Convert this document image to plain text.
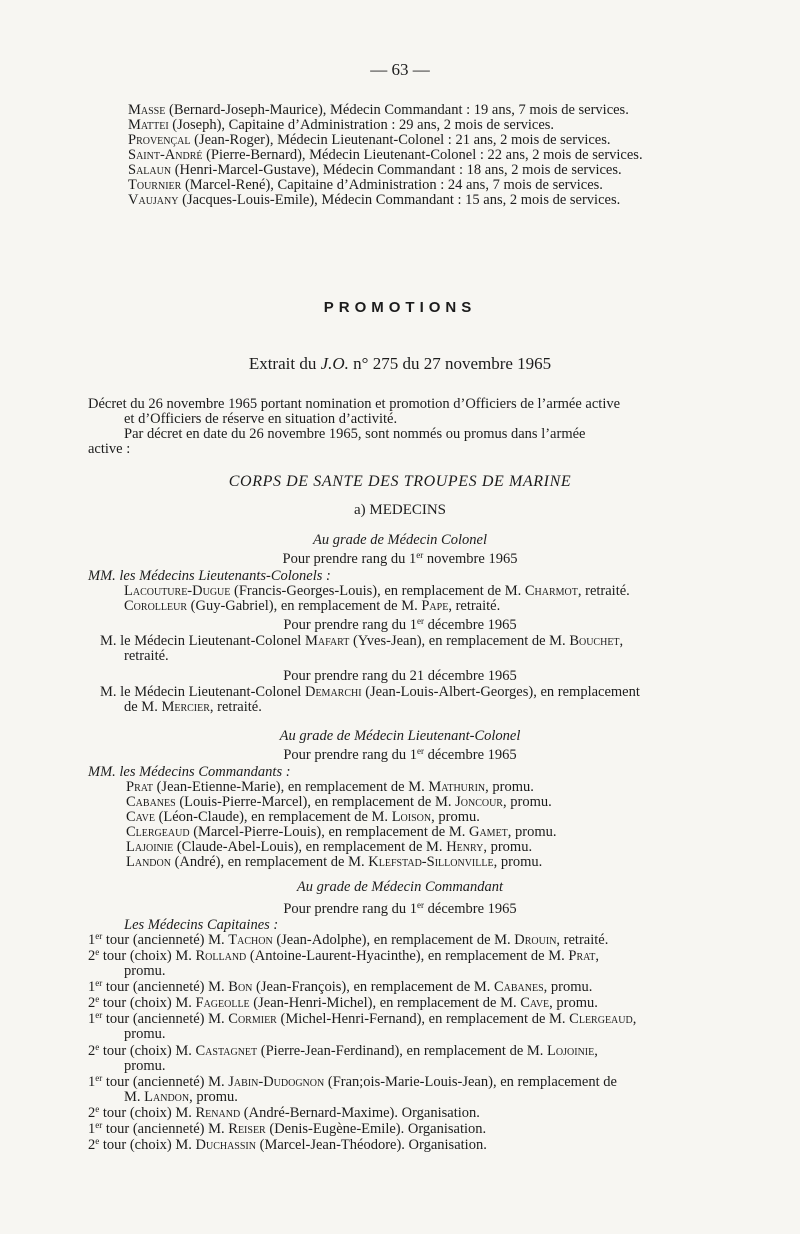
— 63 —
Masse (Bernard-Joseph-Maurice), Médecin Commandant : 19 ans, 7 mois de services.
Mattei (Joseph), Capitaine d’Administration : 29 ans, 2 mois de services.
Provençal (Jean-Roger), Médecin Lieutenant-Colonel : 21 ans, 2 mois de services.
Saint-André (Pierre-Bernard), Médecin Lieutenant-Colonel : 22 ans, 2 mois de services.
Salaun (Henri-Marcel-Gustave), Médecin Commandant : 18 ans, 2 mois de services.
Tournier (Marcel-René), Capitaine d’Administration : 24 ans, 7 mois de services.
Vaujany (Jacques-Louis-Emile), Médecin Commandant : 15 ans, 2 mois de services.
PROMOTIONS
Extrait du J.O. n° 275 du 27 novembre 1965
Décret du 26 novembre 1965 portant nomination et promotion d’Officiers de l’armée active
et d’Officiers de réserve en situation d’activité.
Par décret en date du 26 novembre 1965, sont nommés ou promus dans l’armée
active :
CORPS DE SANTE DES TROUPES DE MARINE
a) MEDECINS
Au grade de Médecin Colonel
Pour prendre rang du 1er novembre 1965
MM. les Médecins Lieutenants-Colonels :
Lacouture-Dugue (Francis-Georges-Louis), en remplacement de M. Charmot, retraité.
Corolleur (Guy-Gabriel), en remplacement de M. Pape, retraité.
Pour prendre rang du 1er décembre 1965
M. le Médecin Lieutenant-Colonel Mafart (Yves-Jean), en remplacement de M. Bouchet,
retraité.
Pour prendre rang du 21 décembre 1965
M. le Médecin Lieutenant-Colonel Demarchi (Jean-Louis-Albert-Georges), en remplacement
de M. Mercier, retraité.
Au grade de Médecin Lieutenant-Colonel
Pour prendre rang du 1er décembre 1965
MM. les Médecins Commandants :
Prat (Jean-Etienne-Marie), en remplacement de M. Mathurin, promu.
Cabanes (Louis-Pierre-Marcel), en remplacement de M. Joncour, promu.
Cave (Léon-Claude), en remplacement de M. Loison, promu.
Clergeaud (Marcel-Pierre-Louis), en remplacement de M. Gamet, promu.
Lajoinie (Claude-Abel-Louis), en remplacement de M. Henry, promu.
Landon (André), en remplacement de M. Klefstad-Sillonville, promu.
Au grade de Médecin Commandant
Pour prendre rang du 1er décembre 1965
Les Médecins Capitaines :
1er tour (ancienneté) M. Tachon (Jean-Adolphe), en remplacement de M. Drouin, retraité.
2e tour (choix) M. Rolland (Antoine-Laurent-Hyacinthe), en remplacement de M. Prat,
promu.
1er tour (ancienneté) M. Bon (Jean-François), en remplacement de M. Cabanes, promu.
2e tour (choix) M. Fageolle (Jean-Henri-Michel), en remplacement de M. Cave, promu.
1er tour (ancienneté) M. Cormier (Michel-Henri-Fernand), en remplacement de M. Clergeaud,
promu.
2e tour (choix) M. Castagnet (Pierre-Jean-Ferdinand), en remplacement de M. Lojoinie,
promu.
1er tour (ancienneté) M. Jabin-Dudognon (Fran;ois-Marie-Louis-Jean), en remplacement de
M. Landon, promu.
2e tour (choix) M. Renand (André-Bernard-Maxime). Organisation.
1er tour (ancienneté) M. Reiser (Denis-Eugène-Emile). Organisation.
2e tour (choix) M. Duchassin (Marcel-Jean-Théodore). Organisation.
